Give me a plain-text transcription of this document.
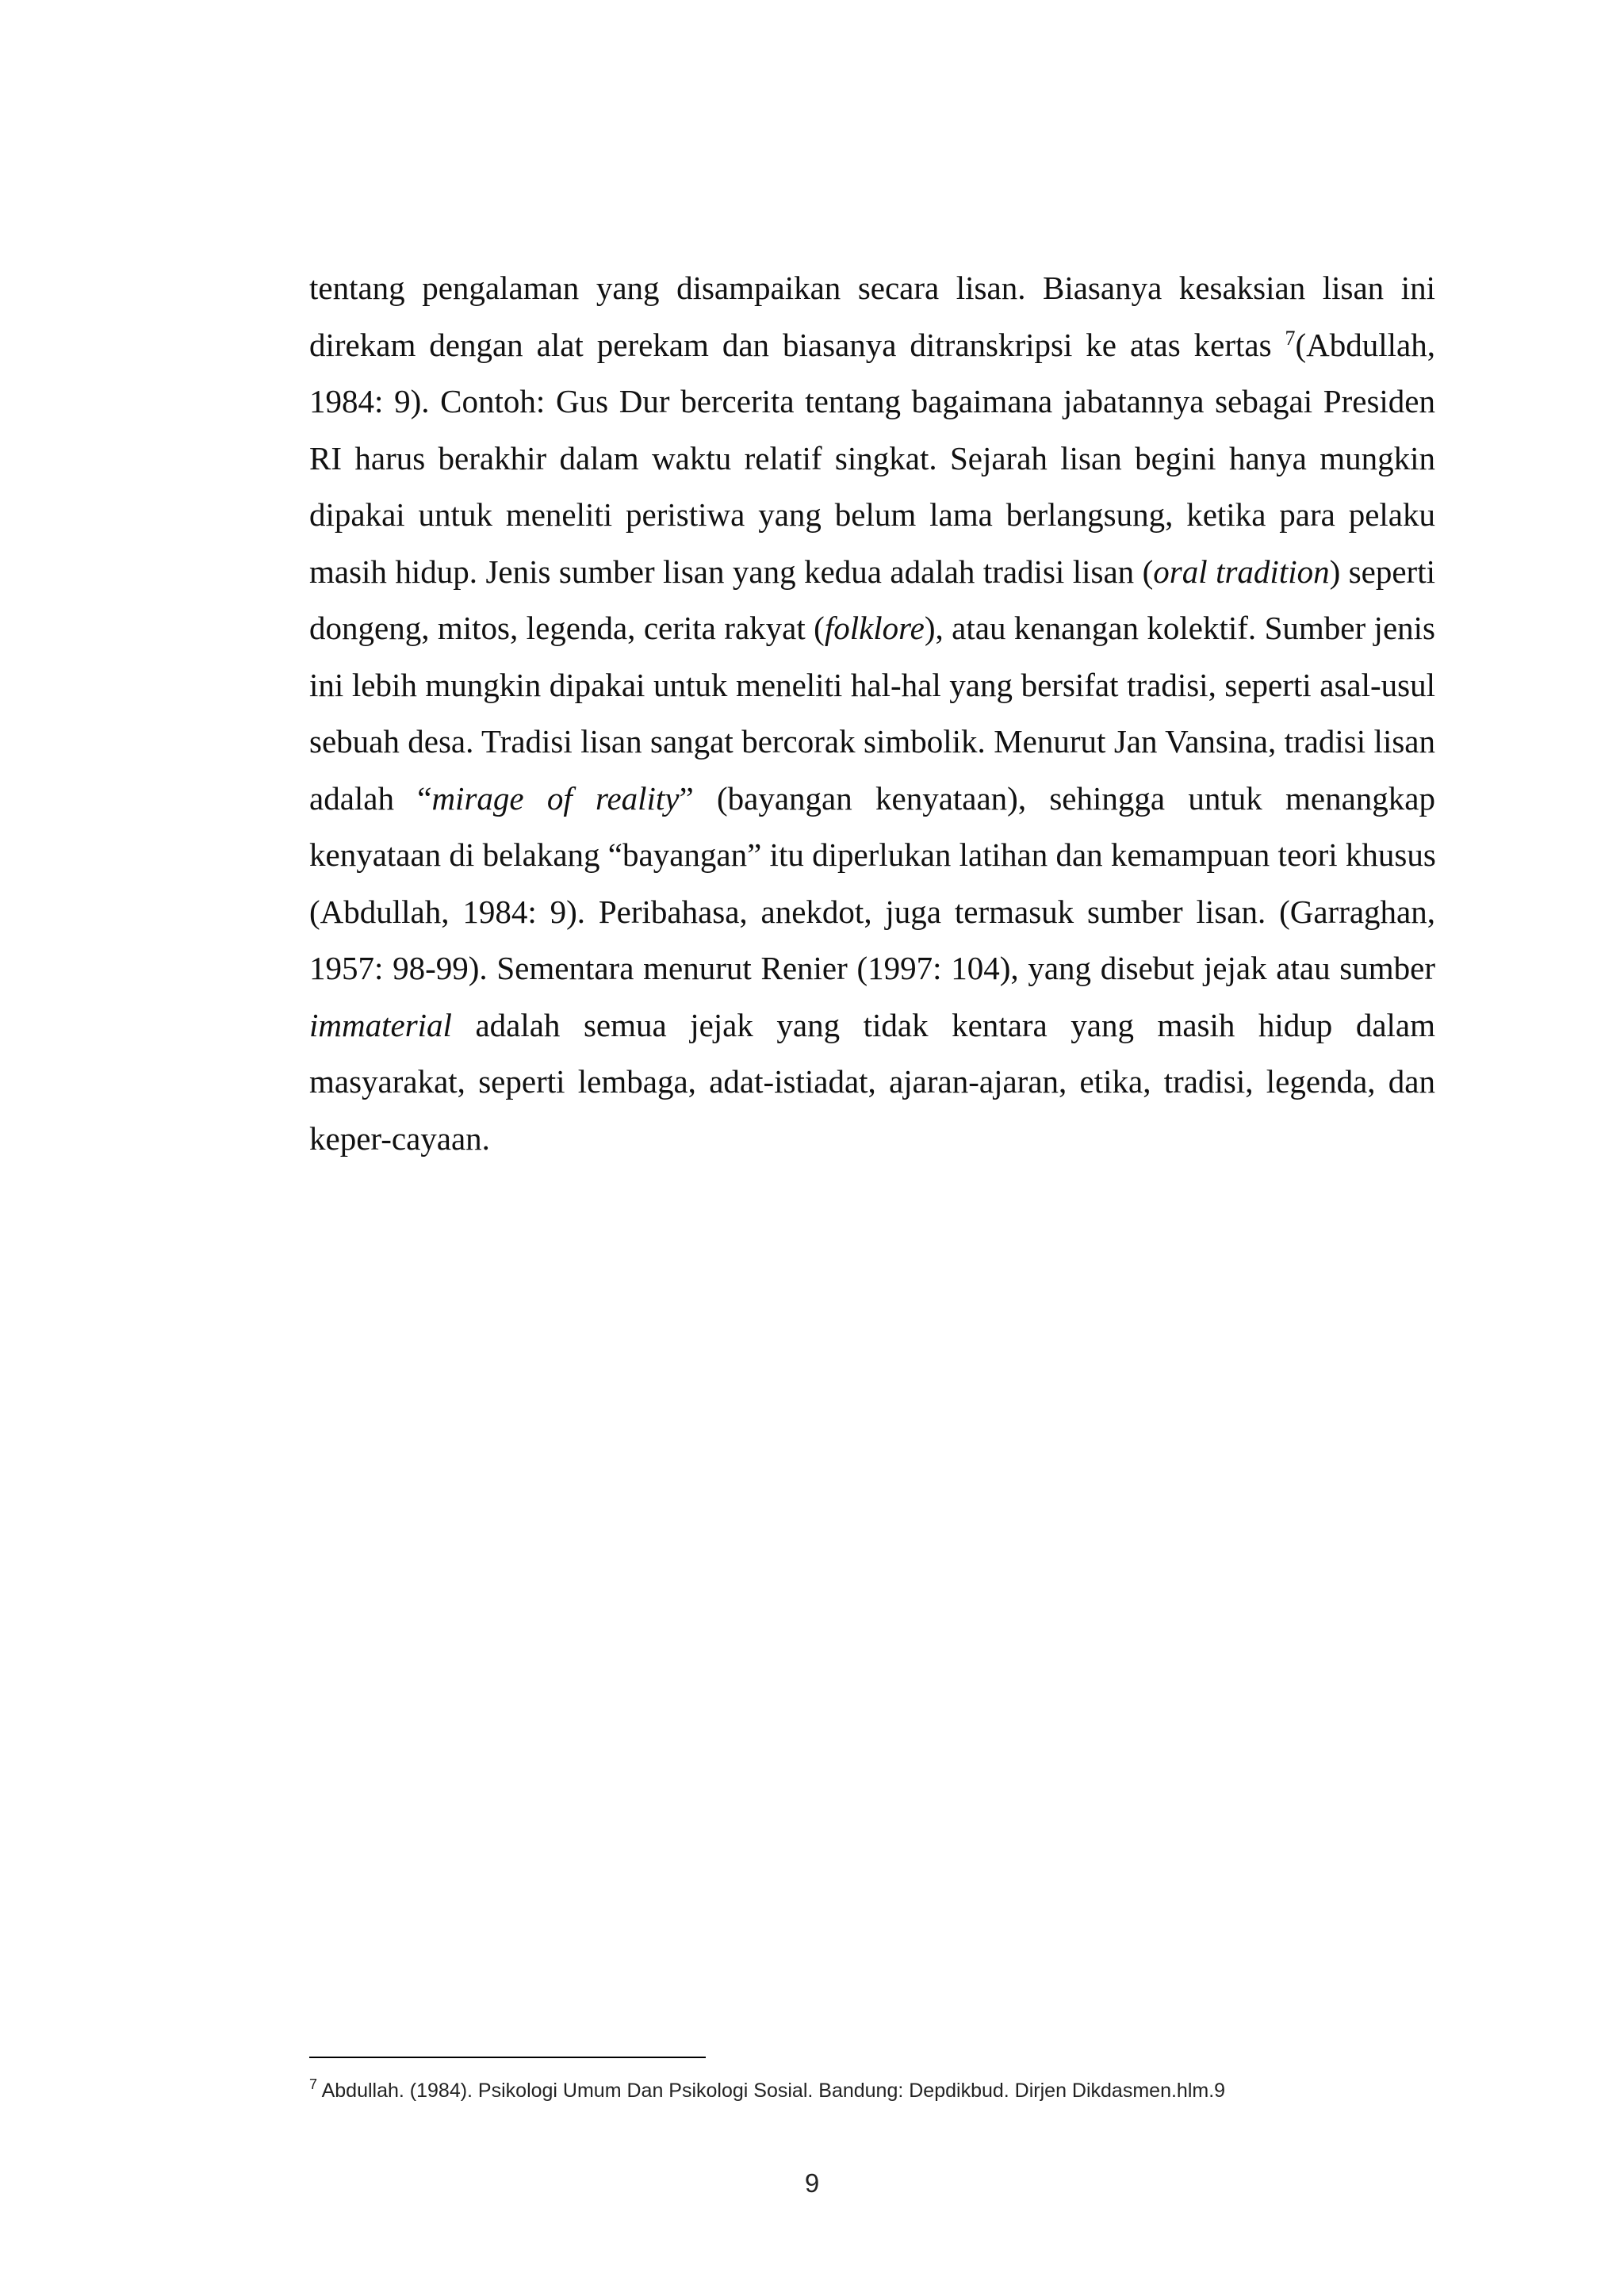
tentang pengalaman yang disampaikan secara lisan. Biasanya kesaksian lisan ini
direkam dengan alat perekam dan biasanya ditranskripsi ke atas kertas $^7$(Abdullah,
1984: 9). Contoh: Gus Dur bercerita tentang bagaimana jabatannya sebagai Presiden
RI harus berakhir dalam waktu relatif singkat. Sejarah lisan begini hanya mungkin
dipakai untuk meneliti peristiwa yang belum lama berlangsung, ketika para pelaku
masih hidup. Jenis sumber lisan yang kedua adalah tradisi lisan (oral tradition) seperti
dongeng, mitos, legenda, cerita rakyat (folklore), atau kenangan kolektif. Sumber jenis
ini lebih mungkin dipakai untuk meneliti hal-hal yang bersifat tradisi, seperti asal-usul
sebuah desa. Tradisi lisan sangat bercorak simbolik. Menurut Jan Vansina, tradisi lisan
adalah “mirage of reality” (bayangan kenyataan), sehingga untuk menangkap
kenyataan di belakang “bayangan” itu diperlukan latihan dan kemampuan teori khusus
(Abdullah, 1984: 9). Peribahasa, anekdot, juga termasuk sumber lisan. (Garraghan,
1957: 98-99). Sementara menurut Renier (1997: 104), yang disebut jejak atau sumber
immaterial adalah semua jejak yang tidak kentara yang masih hidup dalam
masyarakat, seperti lembaga, adat-istiadat, ajaran-ajaran, etika, tradisi, legenda, dan
keper-cayaan.
$^7$ Abdullah. (1984). Psikologi Umum Dan Psikologi Sosial. Bandung: Depdikbud. Dirjen Dikdasmen.hlm.9
9
